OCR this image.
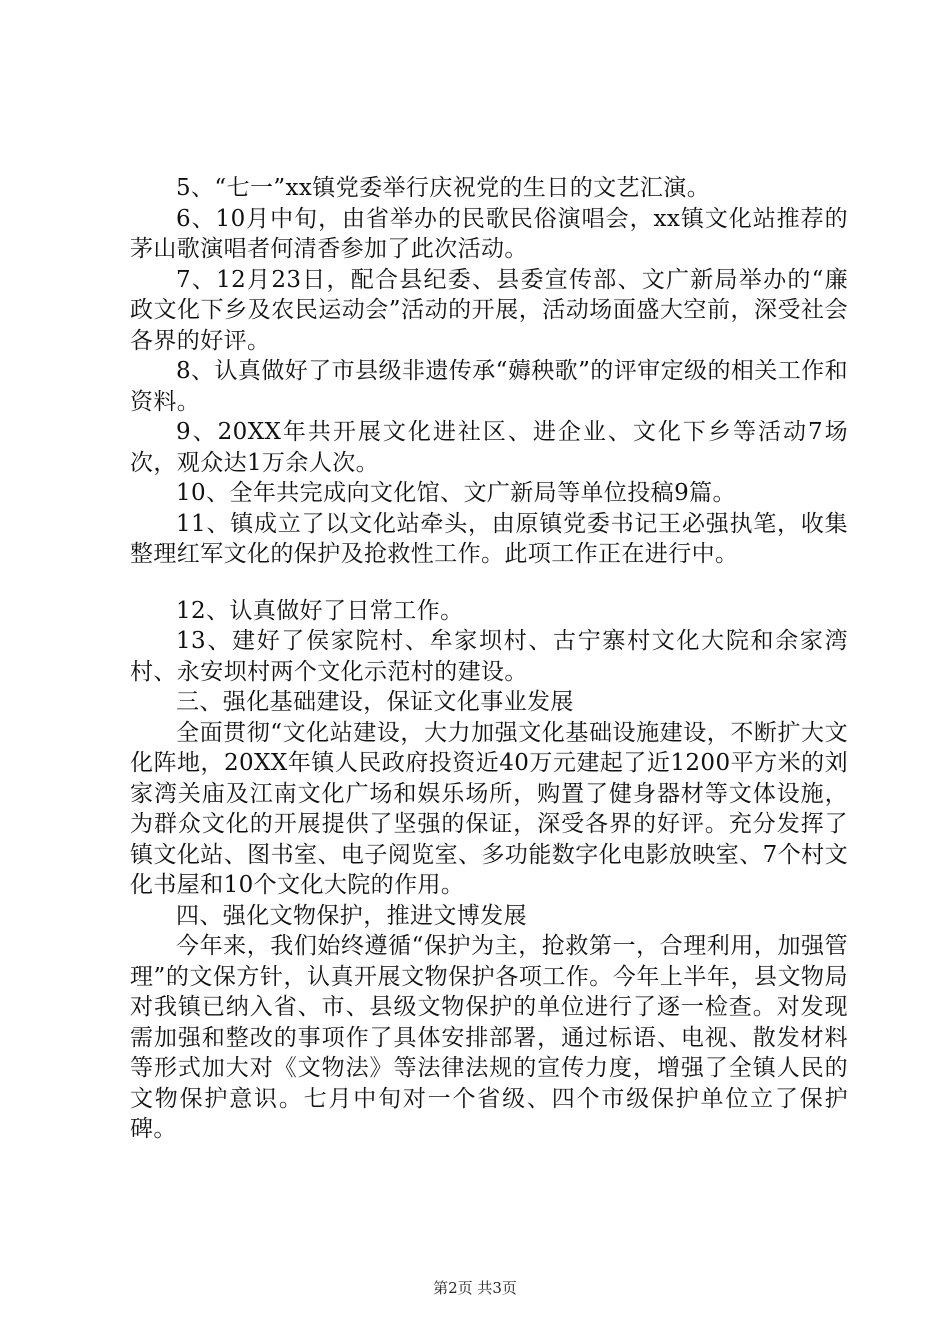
5、“七一”xx镇党委举行庆祝党的生日的文艺汇演。

6、10月中旬，由省举办的民歌民俗演唱会，xx镇文化站推荐的茅山歌演唱者何清香参加了此次活动。

7、12月23日，配合县纪委、县委宣传部、文广新局举办的“廉政文化下乡及农民运动会”活动的开展，活动场面盛大空前，深受社会各界的好评。

8、认真做好了市县级非遗传承“薅秧歌”的评审定级的相关工作和资料。

9、20XX年共开展文化进社区、进企业、文化下乡等活动7场次，观众达1万余人次。

10、全年共完成向文化馆、文广新局等单位投稿9篇。

11、镇成立了以文化站牵头，由原镇党委书记王必强执笔，收集整理红军文化的保护及抢救性工作。此项工作正在进行中。

12、认真做好了日常工作。

13、建好了侯家院村、牟家坝村、古宁寨村文化大院和余家湾村、永安坝村两个文化示范村的建设。

三、强化基础建设，保证文化事业发展

全面贯彻“文化站建设，大力加强文化基础设施建设，不断扩大文化阵地，20XX年镇人民政府投资近40万元建起了近1200平方米的刘家湾关庙及江南文化广场和娱乐场所，购置了健身器材等文体设施，为群众文化的开展提供了坚强的保证，深受各界的好评。充分发挥了镇文化站、图书室、电子阅览室、多功能数字化电影放映室、7个村文化书屋和10个文化大院的作用。

四、强化文物保护，推进文博发展

今年来，我们始终遵循“保护为主，抢救第一，合理利用，加强管理”的文保方针，认真开展文物保护各项工作。今年上半年，县文物局对我镇已纳入省、市、县级文物保护的单位进行了逐一检查。对发现需加强和整改的事项作了具体安排部署，通过标语、电视、散发材料等形式加大对《文物法》等法律法规的宣传力度，增强了全镇人民的文物保护意识。七月中旬对一个省级、四个市级保护单位立了保护碑。

第2页 共3页
